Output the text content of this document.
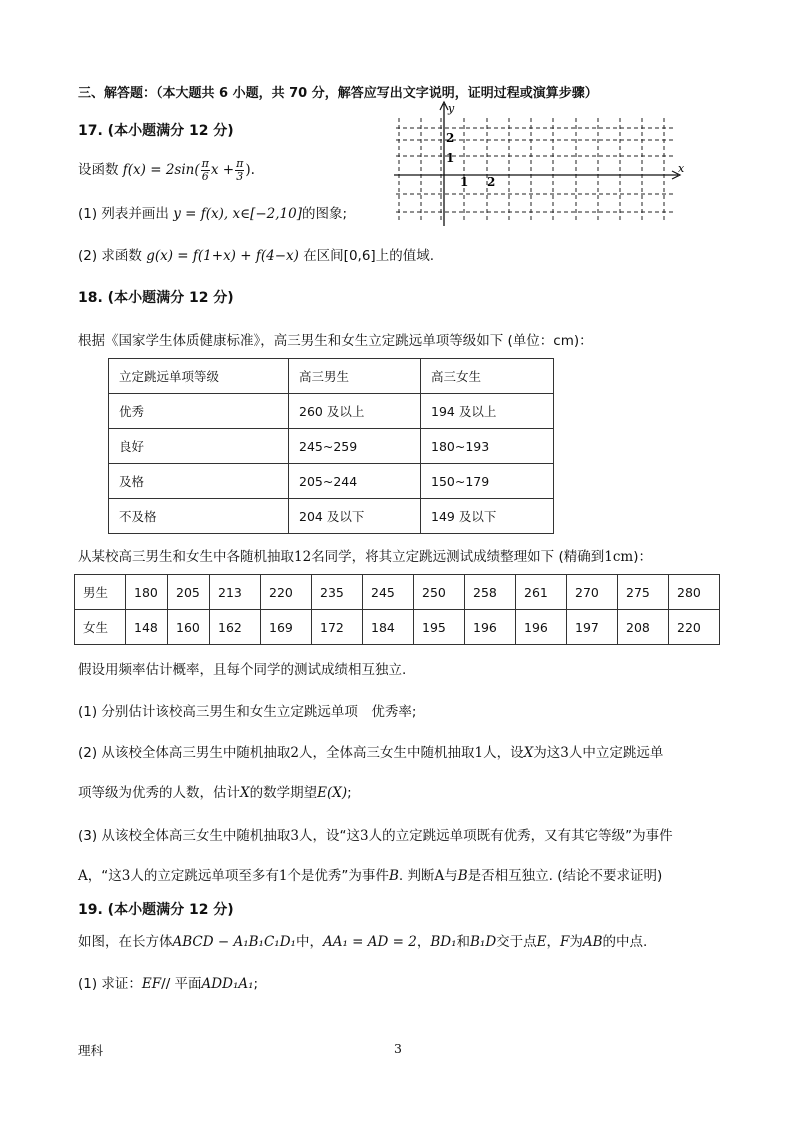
三、解答题：（本大题共 6 小题，共 70 分，解答应写出文字说明，证明过程或演算步骤）
17. (本小题满分 12 分)
设函数 $f(x) = 2\sin( \frac{\pi}{6}$ $x + \frac{\pi}{3}$ ).
(1) 列表并画出 y = f(x), x∈[−2,10]的图象;
(2) 求函数 g(x) = f(1+x) + f(4−x) 在区间[0,6]上的值域.
y
x
2
1
1 2
18. (本小题满分 12 分)
根据《国家学生体质健康标准》，高三男生和女生立定跳远单项等级如下 (单位：cm)：
立定跳远单项等级	高三男生	高三女生
优秀	260 及以上	194 及以上
良好	245~259	180~193
及格	205~244	150~179
不及格	204 及以下	149 及以下
从某校高三男生和女生中各随机抽取12名同学，将其立定跳远测试成绩整理如下 (精确到1cm)：
男生	180	205	213	220	235	245	250	258	261	270	275	280
女生	148	160	162	169	172	184	195	196	196	197	208	220
假设用频率估计概率，且每个同学的测试成绩相互独立.
(1) 分别估计该校高三男生和女生立定跳远单项　优秀率;
(2) 从该校全体高三男生中随机抽取2人，全体高三女生中随机抽取1人，设X为这3人中立定跳远单
项等级为优秀的人数，估计X的数学期望E(X);
(3) 从该校全体高三女生中随机抽取3人，设“这3人的立定跳远单项既有优秀，又有其它等级”为事件
A，“这3人的立定跳远单项至多有1个是优秀”为事件B. 判断A与B是否相互独立. (结论不要求证明)
19. (本小题满分 12 分)
如图，在长方体ABCD − A₁B₁C₁D₁中，AA₁ = AD = 2，BD₁和B₁D交于点E，F为AB的中点.
(1) 求证：EF// 平面ADD₁A₁;
理科	3
